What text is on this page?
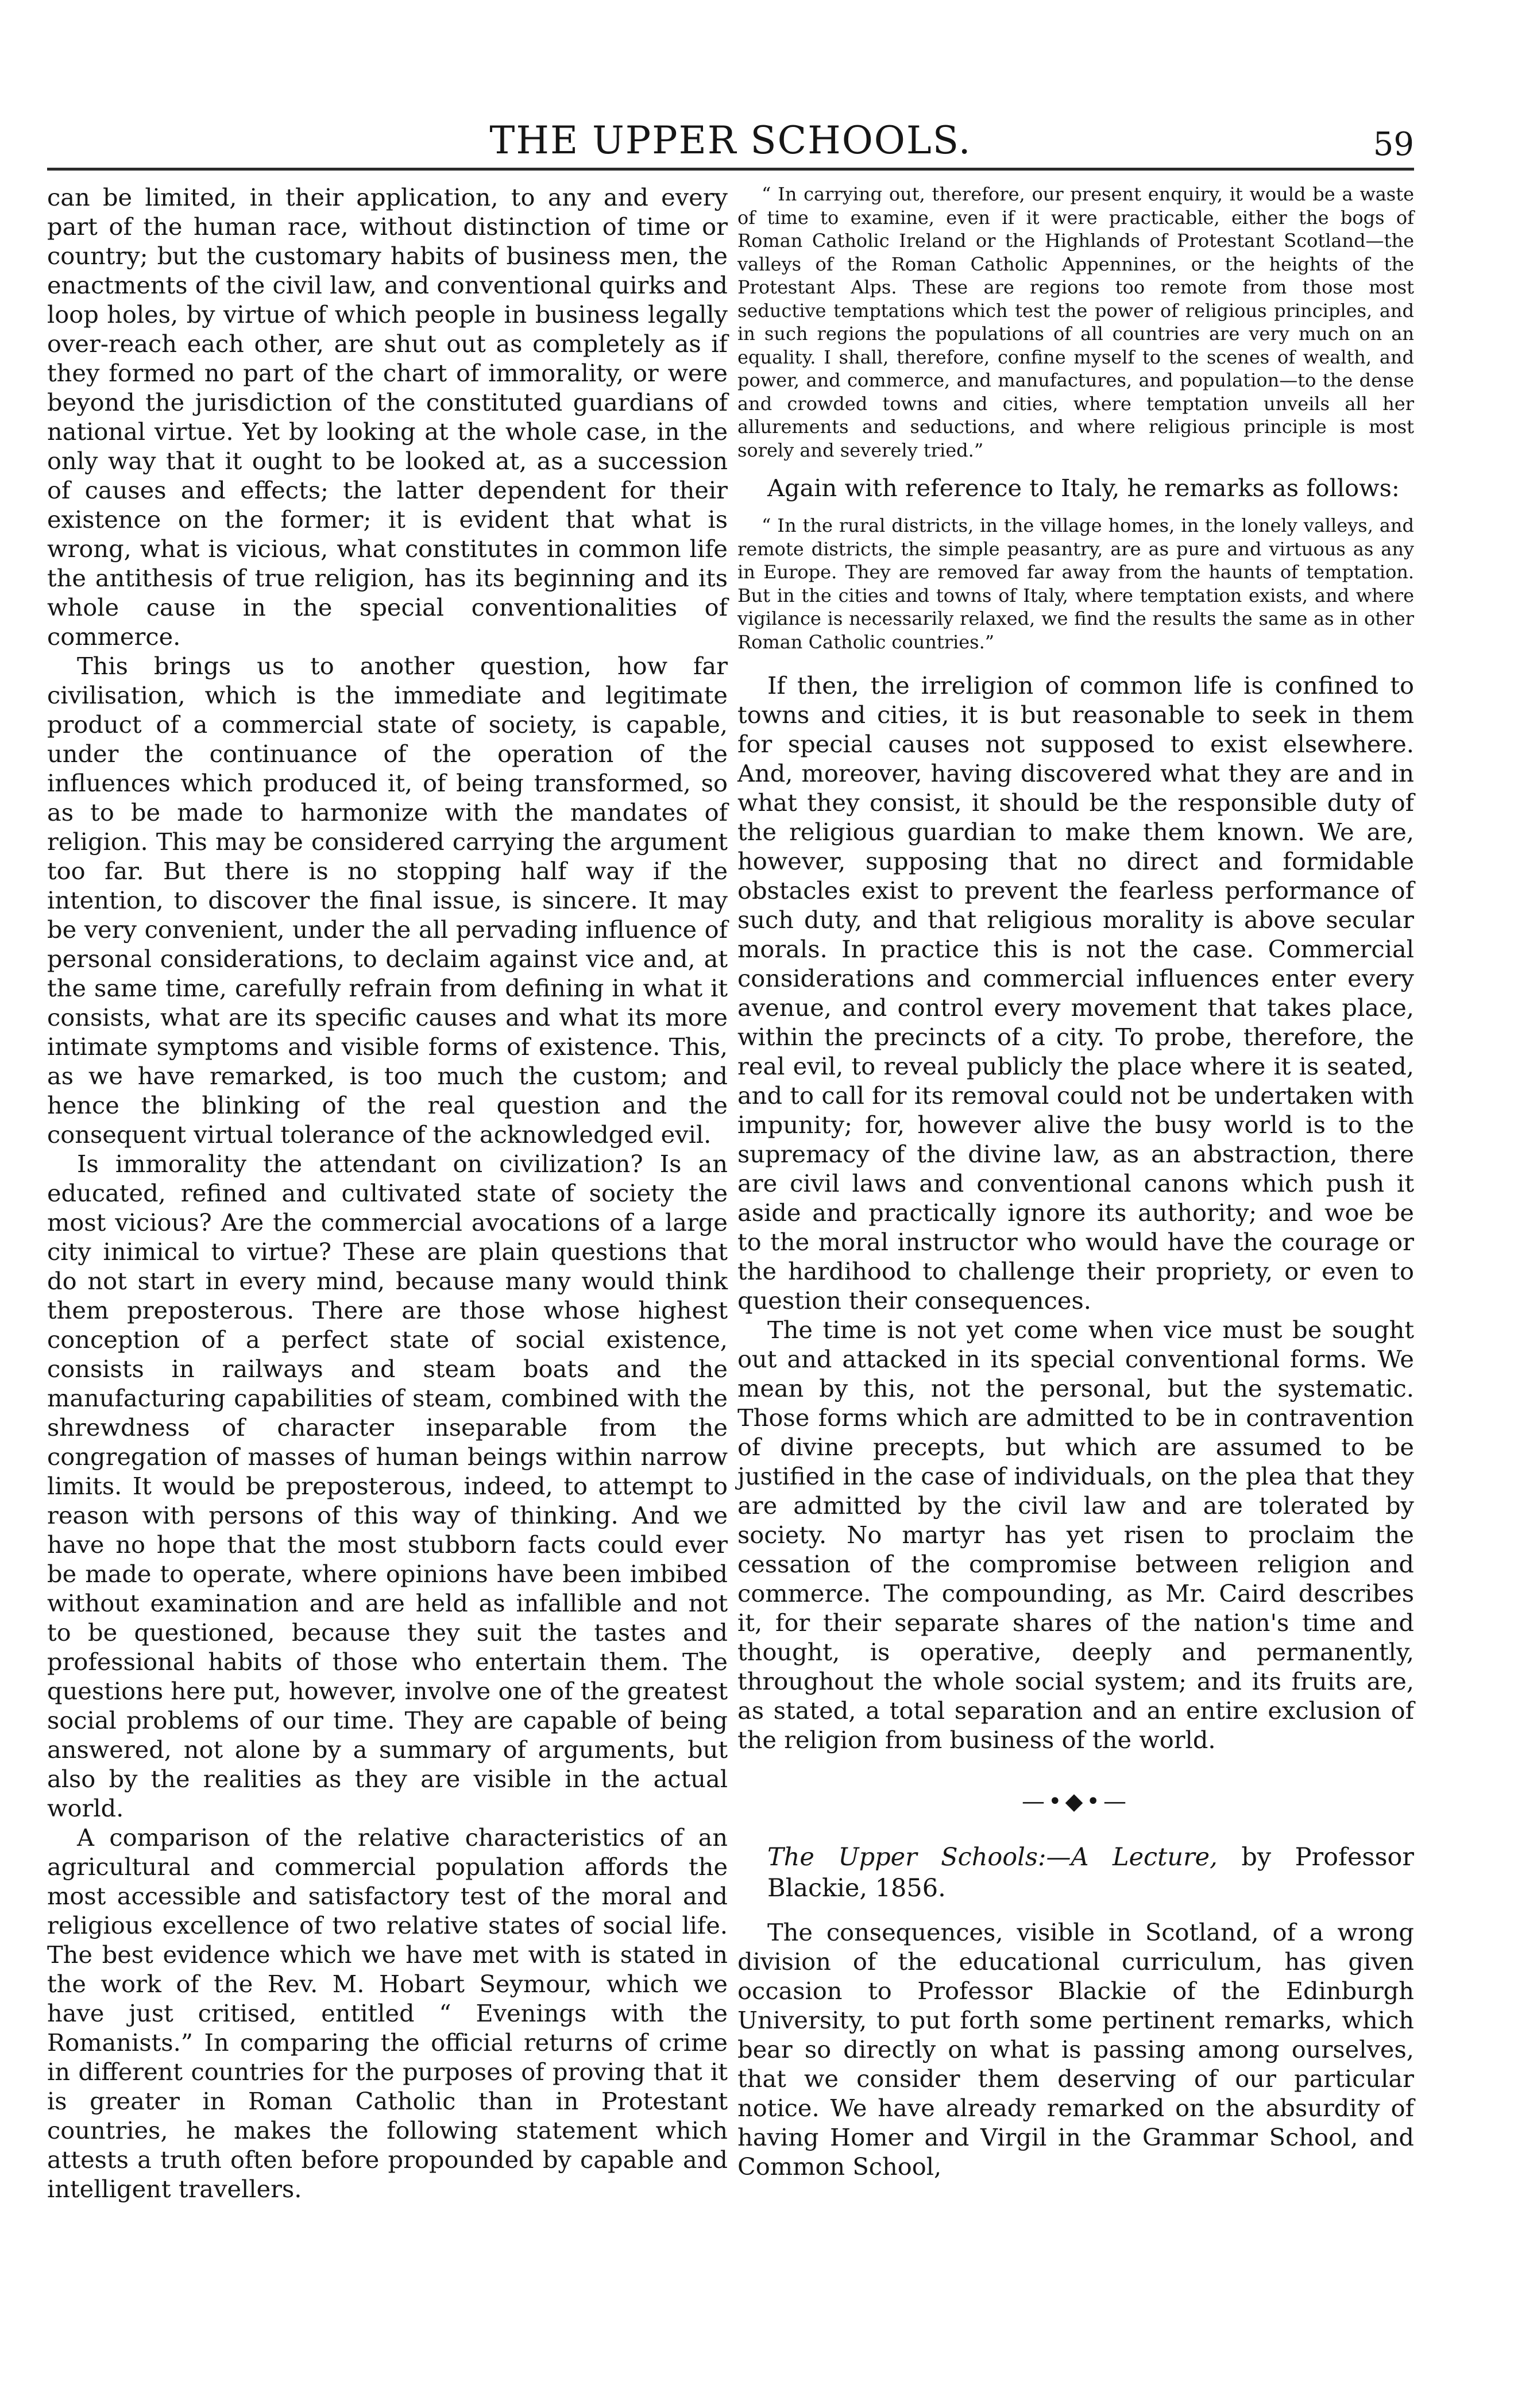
THE UPPER SCHOOLS.	59

can be limited, in their application, to any and every part of the human race, without distinction of time or country; but the customary habits of business men, the enactments of the civil law, and conventional quirks and loop holes, by virtue of which people in business legally over-reach each other, are shut out as completely as if they formed no part of the chart of immorality, or were beyond the jurisdiction of the constituted guardians of national virtue. Yet by looking at the whole case, in the only way that it ought to be looked at, as a succession of causes and effects; the latter dependent for their existence on the former; it is evident that what is wrong, what is vicious, what constitutes in common life the antithesis of true religion, has its beginning and its whole cause in the special conventionalities of commerce.

This brings us to another question, how far civilisation, which is the immediate and legitimate product of a commercial state of society, is capable, under the continuance of the operation of the influences which produced it, of being transformed, so as to be made to harmonize with the mandates of religion. This may be considered carrying the argument too far. But there is no stopping half way if the intention, to discover the final issue, is sincere. It may be very convenient, under the all pervading influence of personal considerations, to declaim against vice and, at the same time, carefully refrain from defining in what it consists, what are its specific causes and what its more intimate symptoms and visible forms of existence. This, as we have remarked, is too much the custom; and hence the blinking of the real question and the consequent virtual tolerance of the acknowledged evil.

Is immorality the attendant on civilization? Is an educated, refined and cultivated state of society the most vicious? Are the commercial avocations of a large city inimical to virtue? These are plain questions that do not start in every mind, because many would think them preposterous. There are those whose highest conception of a perfect state of social existence, consists in railways and steam boats and the manufacturing capabilities of steam, combined with the shrewdness of character inseparable from the congregation of masses of human beings within narrow limits. It would be preposterous, indeed, to attempt to reason with persons of this way of thinking. And we have no hope that the most stubborn facts could ever be made to operate, where opinions have been imbibed without examination and are held as infallible and not to be questioned, because they suit the tastes and professional habits of those who entertain them. The questions here put, however, involve one of the greatest social problems of our time. They are capable of being answered, not alone by a summary of arguments, but also by the realities as they are visible in the actual world.

A comparison of the relative characteristics of an agricultural and commercial population affords the most accessible and satisfactory test of the moral and religious excellence of two relative states of social life. The best evidence which we have met with is stated in the work of the Rev. M. Hobart Seymour, which we have just critised, entitled “ Evenings with the Romanists.” In comparing the official returns of crime in different countries for the purposes of proving that it is greater in Roman Catholic than in Protestant countries, he makes the following statement which attests a truth often before propounded by capable and intelligent travellers.

“ In carrying out, therefore, our present enquiry, it would be a waste of time to examine, even if it were practicable, either the bogs of Roman Catholic Ireland or the Highlands of Protestant Scotland—the valleys of the Roman Catholic Appennines, or the heights of the Protestant Alps. These are regions too remote from those most seductive temptations which test the power of religious principles, and in such regions the populations of all countries are very much on an equality. I shall, therefore, confine myself to the scenes of wealth, and power, and commerce, and manufactures, and population—to the dense and crowded towns and cities, where temptation unveils all her allurements and seductions, and where religious principle is most sorely and severely tried.”

Again with reference to Italy, he remarks as follows:

“ In the rural districts, in the village homes, in the lonely valleys, and remote districts, the simple peasantry, are as pure and virtuous as any in Europe. They are removed far away from the haunts of temptation. But in the cities and towns of Italy, where temptation exists, and where vigilance is necessarily relaxed, we find the results the same as in other Roman Catholic countries.”

If then, the irreligion of common life is confined to towns and cities, it is but reasonable to seek in them for special causes not supposed to exist elsewhere. And, moreover, having discovered what they are and in what they consist, it should be the responsible duty of the religious guardian to make them known. We are, however, supposing that no direct and formidable obstacles exist to prevent the fearless performance of such duty, and that religious morality is above secular morals. In practice this is not the case. Commercial considerations and commercial influences enter every avenue, and control every movement that takes place, within the precincts of a city. To probe, therefore, the real evil, to reveal publicly the place where it is seated, and to call for its removal could not be undertaken with impunity; for, however alive the busy world is to the supremacy of the divine law, as an abstraction, there are civil laws and conventional canons which push it aside and practically ignore its authority; and woe be to the moral instructor who would have the courage or the hardihood to challenge their propriety, or even to question their consequences.

The time is not yet come when vice must be sought out and attacked in its special conventional forms. We mean by this, not the personal, but the systematic. Those forms which are admitted to be in contravention of divine precepts, but which are assumed to be justified in the case of individuals, on the plea that they are admitted by the civil law and are tolerated by society. No martyr has yet risen to proclaim the cessation of the compromise between religion and commerce. The compounding, as Mr. Caird describes it, for their separate shares of the nation's time and thought, is operative, deeply and permanently, throughout the whole social system; and its fruits are, as stated, a total separation and an entire exclusion of the religion from business of the world.

—•◆•—

The Upper Schools:—A Lecture, by Professor Blackie, 1856.

The consequences, visible in Scotland, of a wrong division of the educational curriculum, has given occasion to Professor Blackie of the Edinburgh University, to put forth some pertinent remarks, which bear so directly on what is passing among ourselves, that we consider them deserving of our particular notice. We have already remarked on the absurdity of having Homer and Virgil in the Grammar School, and Common School,
